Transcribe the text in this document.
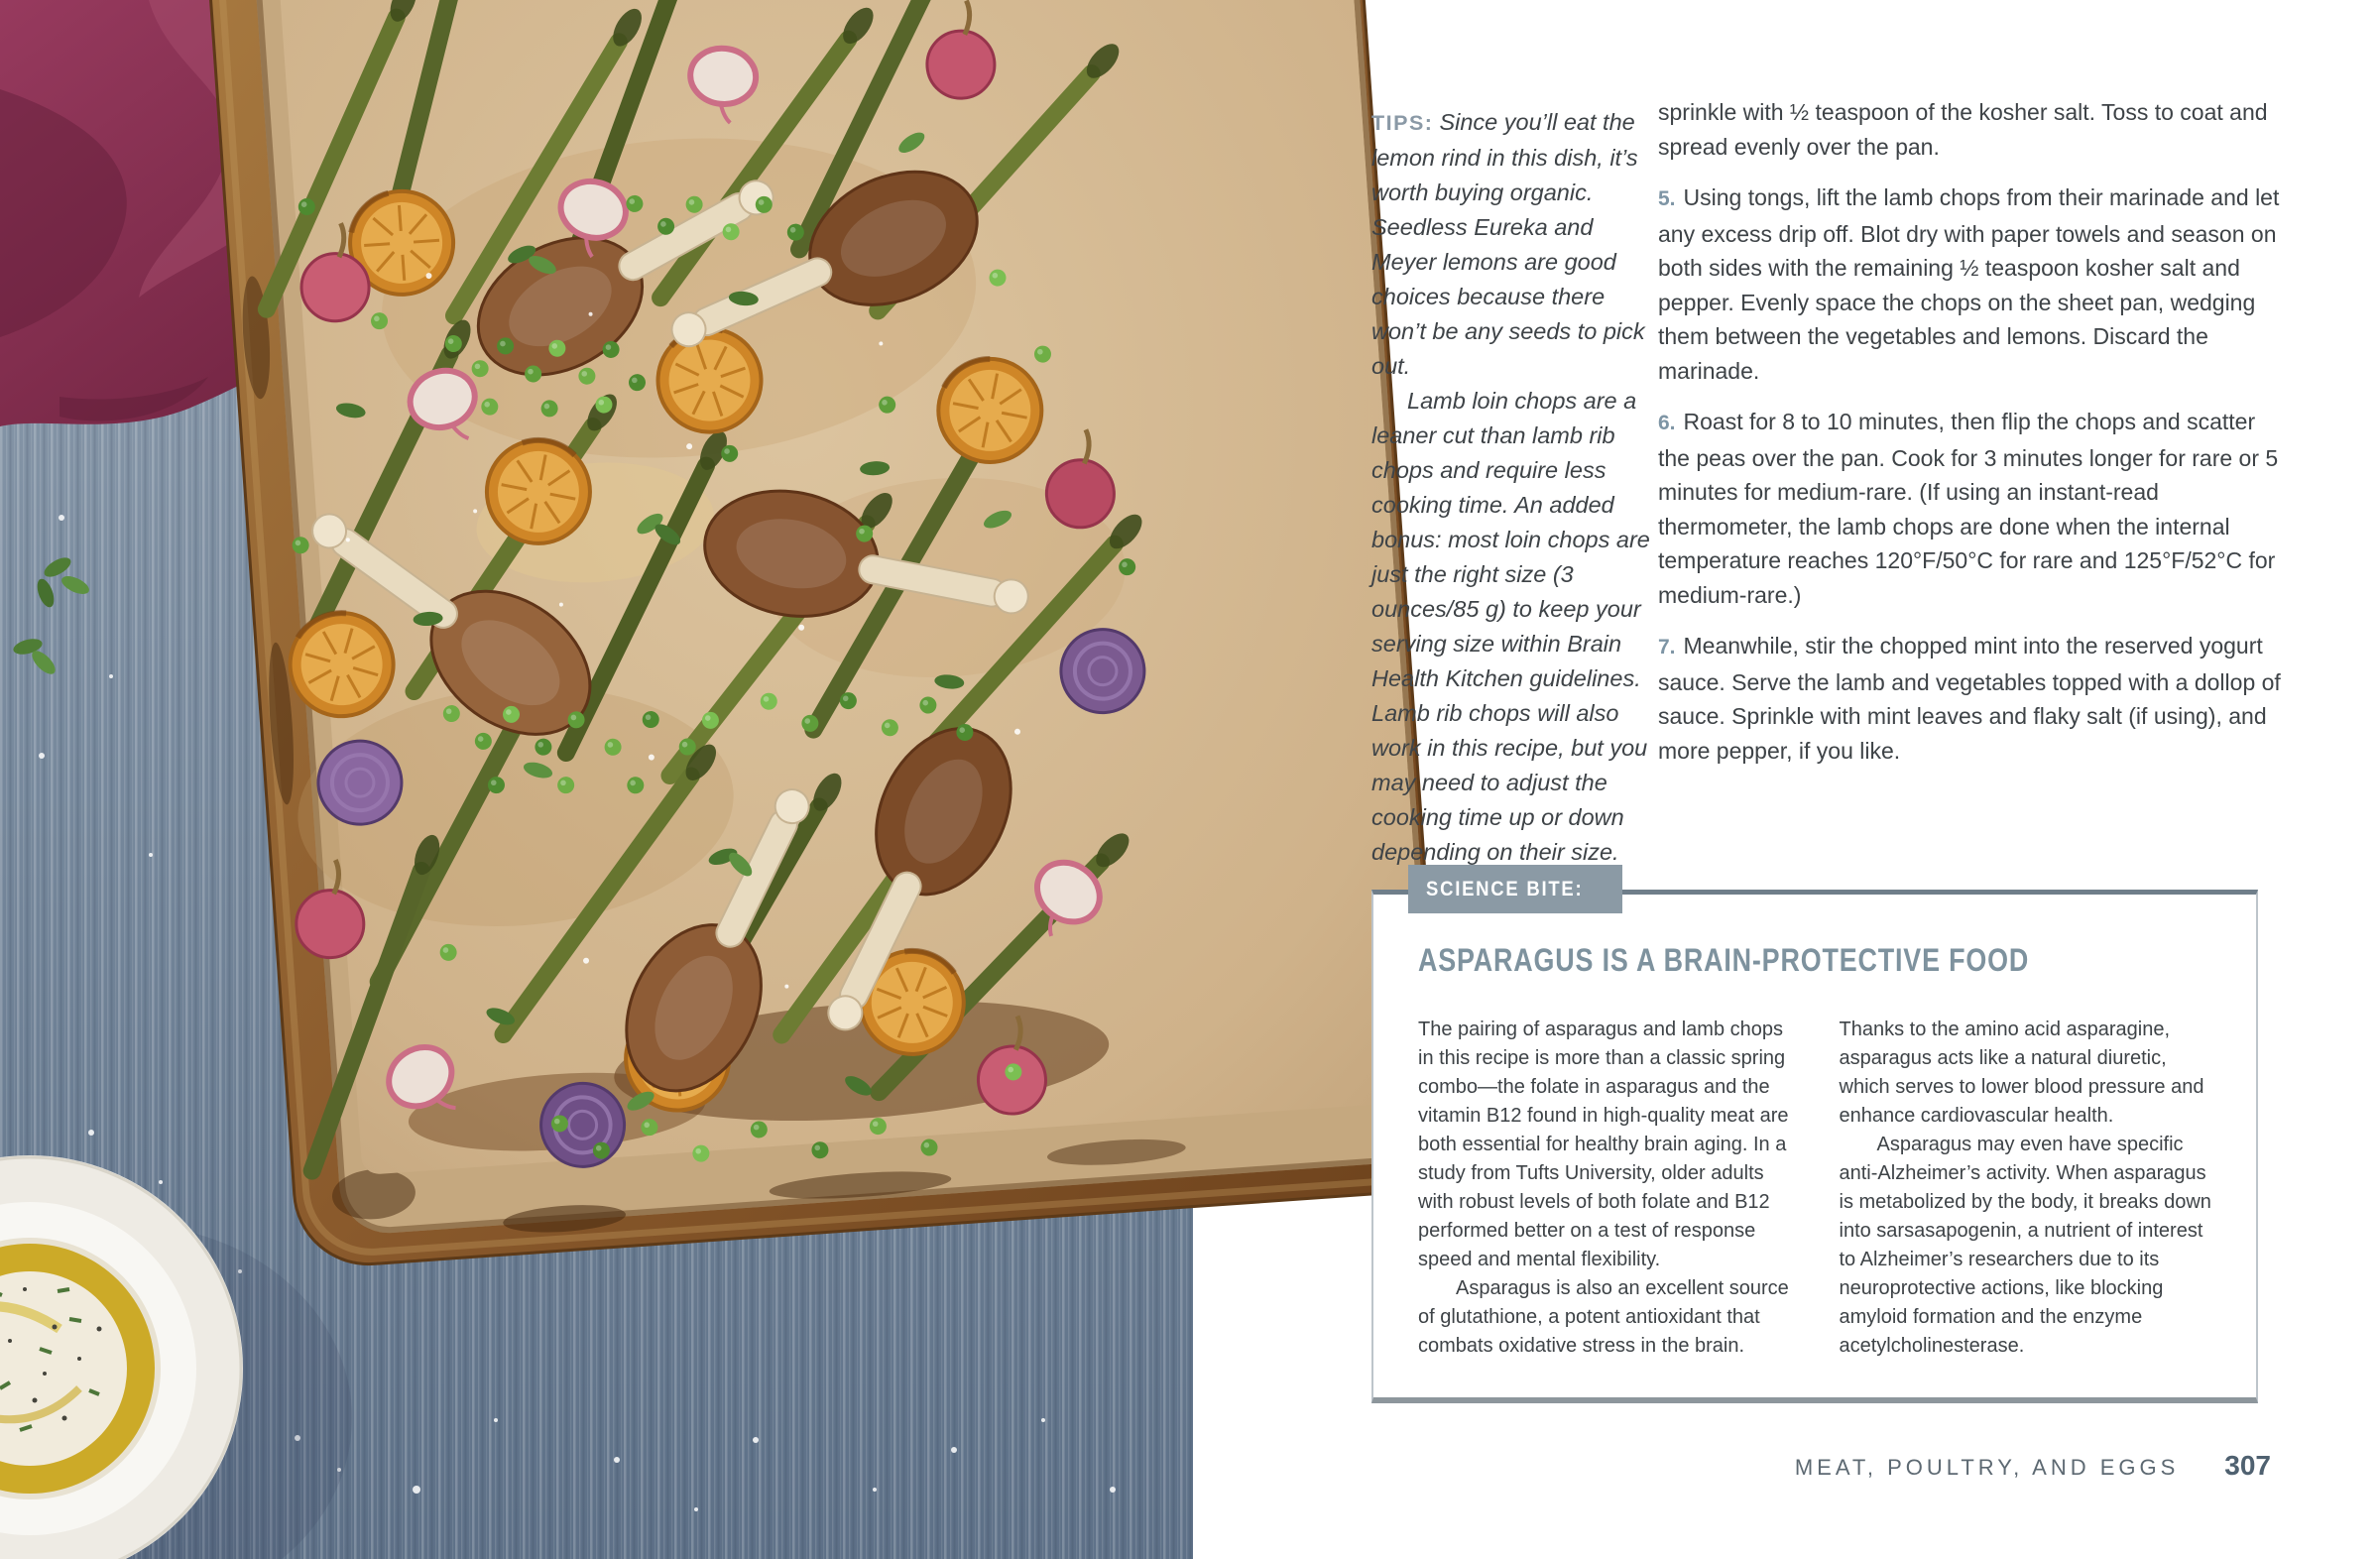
TIPS: Since you’ll eat the lemon rind in this dish, it’s worth buying organic. Seedless Eureka and Meyer lemons are good choices because there won’t be any seeds to pick out.

Lamb loin chops are a leaner cut than lamb rib chops and require less cooking time. An added bonus: most loin chops are just the right size (3 ounces/85 g) to keep your serving size within Brain Health Kitchen guidelines. Lamb rib chops will also work in this recipe, but you may need to adjust the cooking time up or down depending on their size.

sprinkle with ½ teaspoon of the kosher salt. Toss to coat and spread evenly over the pan.

5. Using tongs, lift the lamb chops from their marinade and let any excess drip off. Blot dry with paper towels and season on both sides with the remaining ½ teaspoon kosher salt and pepper. Evenly space the chops on the sheet pan, wedging them between the vegetables and lemons. Discard the marinade.

6. Roast for 8 to 10 minutes, then flip the chops and scatter the peas over the pan. Cook for 3 minutes longer for rare or 5 minutes for medium-rare. (If using an instant-read thermometer, the lamb chops are done when the internal temperature reaches 120°F/50°C for rare and 125°F/52°C for medium-rare.)

7. Meanwhile, stir the chopped mint into the reserved yogurt sauce. Serve the lamb and vegetables topped with a dollop of sauce. Sprinkle with mint leaves and flaky salt (if using), and more pepper, if you like.

SCIENCE BITE:
ASPARAGUS IS A BRAIN-PROTECTIVE FOOD

The pairing of asparagus and lamb chops in this recipe is more than a classic spring combo—the folate in asparagus and the vitamin B12 found in high-quality meat are both essential for healthy brain aging. In a study from Tufts University, older adults with robust levels of both folate and B12 performed better on a test of response speed and mental flexibility.

Asparagus is also an excellent source of glutathione, a potent antioxidant that combats oxidative stress in the brain.

Thanks to the amino acid asparagine, asparagus acts like a natural diuretic, which serves to lower blood pressure and enhance cardiovascular health.

Asparagus may even have specific anti-Alzheimer’s activity. When asparagus is metabolized by the body, it breaks down into sarsasapogenin, a nutrient of interest to Alzheimer’s researchers due to its neuroprotective actions, like blocking amyloid formation and the enzyme acetylcholinesterase.

MEAT, POULTRY, AND EGGS 307
